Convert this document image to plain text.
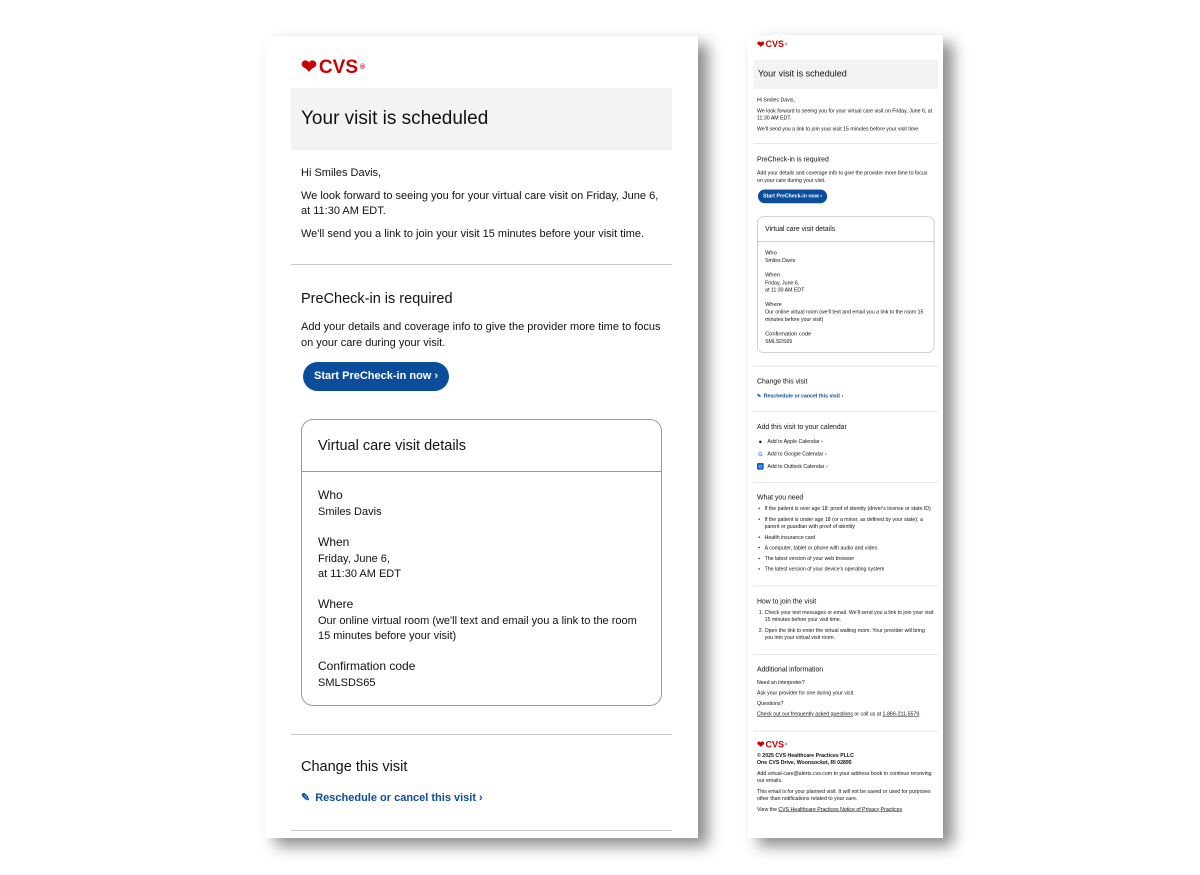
❤ CVS ®
Your visit is scheduled

Hi Smiles Davis,

We look forward to seeing you for your virtual care visit on Friday, June 6, at 11:30 AM EDT.

We'll send you a link to join your visit 15 minutes before your visit time.

PreCheck-in is required

Add your details and coverage info to give the provider more time to focus on your care during your visit.

Start PreCheck-in now ›
Virtual care visit details
Who
Smiles Davis
When
Friday, June 6,
at 11:30 AM EDT
Where
Our online virtual room (we'll text and email you a link to the room 15 minutes before your visit)
Confirmation code
SMLSDS65
Change this visit
✎ Reschedule or cancel this visit ›
❤ CVS ®
Your visit is scheduled

Hi Smiles Davis,

We look forward to seeing you for your virtual care visit on Friday, June 6, at 11:30 AM EDT.

We'll send you a link to join your visit 15 minutes before your visit time.

PreCheck-in is required

Add your details and coverage info to give the provider more time to focus on your care during your visit.

Start PreCheck-in now ›
Virtual care visit details
Who
Smiles Davis
When
Friday, June 6,
at 11:30 AM EDT
Where
Our online virtual room (we'll text and email you a link to the room 15 minutes before your visit)
Confirmation code
SMLSDS65
Change this visit
✎ Reschedule or cancel this visit ›
Add this visit to your calendar
● Add to Apple Calendar ›
G Add to Google Calendar ›
O Add to Outlook Calendar ›
What you need
• If the patient is over age 18: proof of identity (driver's license or state ID)
• If the patient is under age 18 (or a minor, as defined by your state): a parent or guardian with proof of identity
• Health insurance card
• A computer, tablet or phone with audio and video
• The latest version of your web browser
• The latest version of your device's operating system
How to join the visit
1. Check your text messages or email. We'll send you a link to join your visit 15 minutes before your visit time.
2. Open the link to enter the virtual waiting room. Your provider will bring you into your virtual visit room.
Additional information

Need an interpreter?

Ask your provider for one during your visit.

Questions?

Check out our frequently asked questions or call us at 1-866-211-5579.

❤ CVS ®

© 2025 CVS Healthcare Practices PLLC

One CVS Drive, Woonsocket, RI 02895

Add virtual-care@alerts.cvs.com to your address book to continue receiving our emails.

This email is for your planned visit. It will not be saved or used for purposes other than notifications related to your care.

View the CVS Healthcare Practices Notice of Privacy Practices
